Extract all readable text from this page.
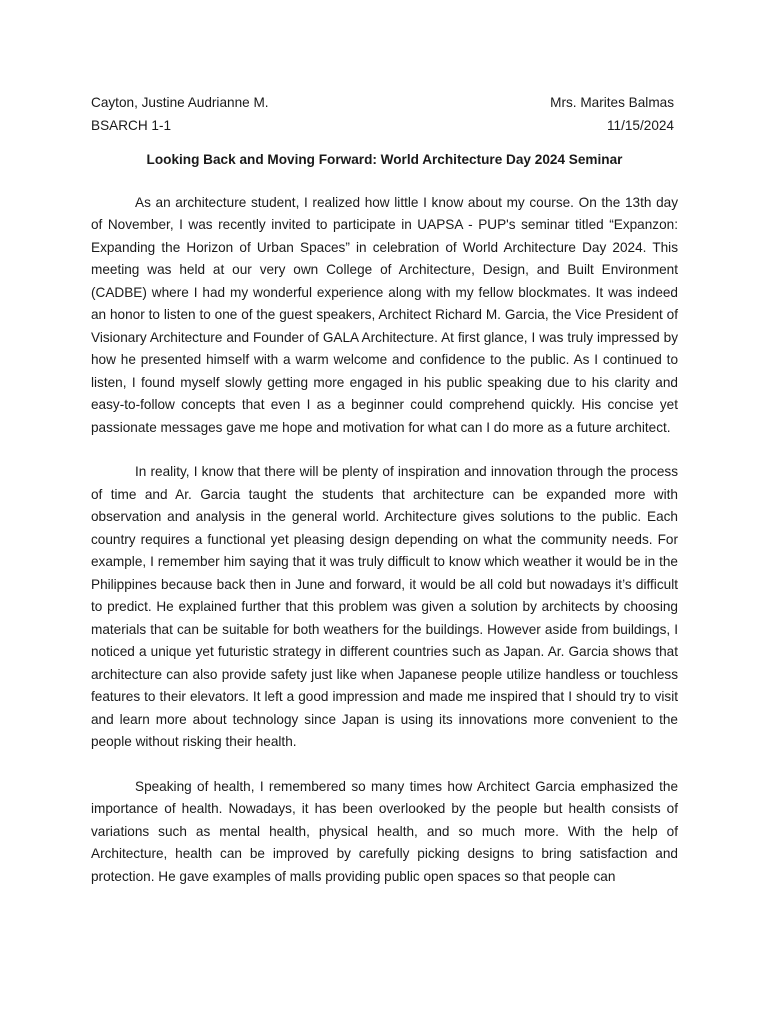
Cayton, Justine Audrianne M.
BSARCH 1-1
Mrs. Marites Balmas
11/15/2024
Looking Back and Moving Forward: World Architecture Day 2024 Seminar

As an architecture student, I realized how little I know about my course. On the 13th day of November, I was recently invited to participate in UAPSA - PUP's seminar titled “Expanzon: Expanding the Horizon of Urban Spaces” in celebration of World Architecture Day 2024. This meeting was held at our very own College of Architecture, Design, and Built Environment (CADBE) where I had my wonderful experience along with my fellow blockmates. It was indeed an honor to listen to one of the guest speakers, Architect Richard M. Garcia, the Vice President of Visionary Architecture and Founder of GALA Architecture. At first glance, I was truly impressed by how he presented himself with a warm welcome and confidence to the public. As I continued to listen, I found myself slowly getting more engaged in his public speaking due to his clarity and easy-to-follow concepts that even I as a beginner could comprehend quickly. His concise yet passionate messages gave me hope and motivation for what can I do more as a future architect.

In reality, I know that there will be plenty of inspiration and innovation through the process of time and Ar. Garcia taught the students that architecture can be expanded more with observation and analysis in the general world. Architecture gives solutions to the public. Each country requires a functional yet pleasing design depending on what the community needs. For example, I remember him saying that it was truly difficult to know which weather it would be in the Philippines because back then in June and forward, it would be all cold but nowadays it’s difficult to predict. He explained further that this problem was given a solution by architects by choosing materials that can be suitable for both weathers for the buildings. However aside from buildings, I noticed a unique yet futuristic strategy in different countries such as Japan. Ar. Garcia shows that architecture can also provide safety just like when Japanese people utilize handless or touchless features to their elevators. It left a good impression and made me inspired that I should try to visit and learn more about technology since Japan is using its innovations more convenient to the people without risking their health.

Speaking of health, I remembered so many times how Architect Garcia emphasized the importance of health. Nowadays, it has been overlooked by the people but health consists of variations such as mental health, physical health, and so much more. With the help of Architecture, health can be improved by carefully picking designs to bring satisfaction and protection. He gave examples of malls providing public open spaces so that people can
